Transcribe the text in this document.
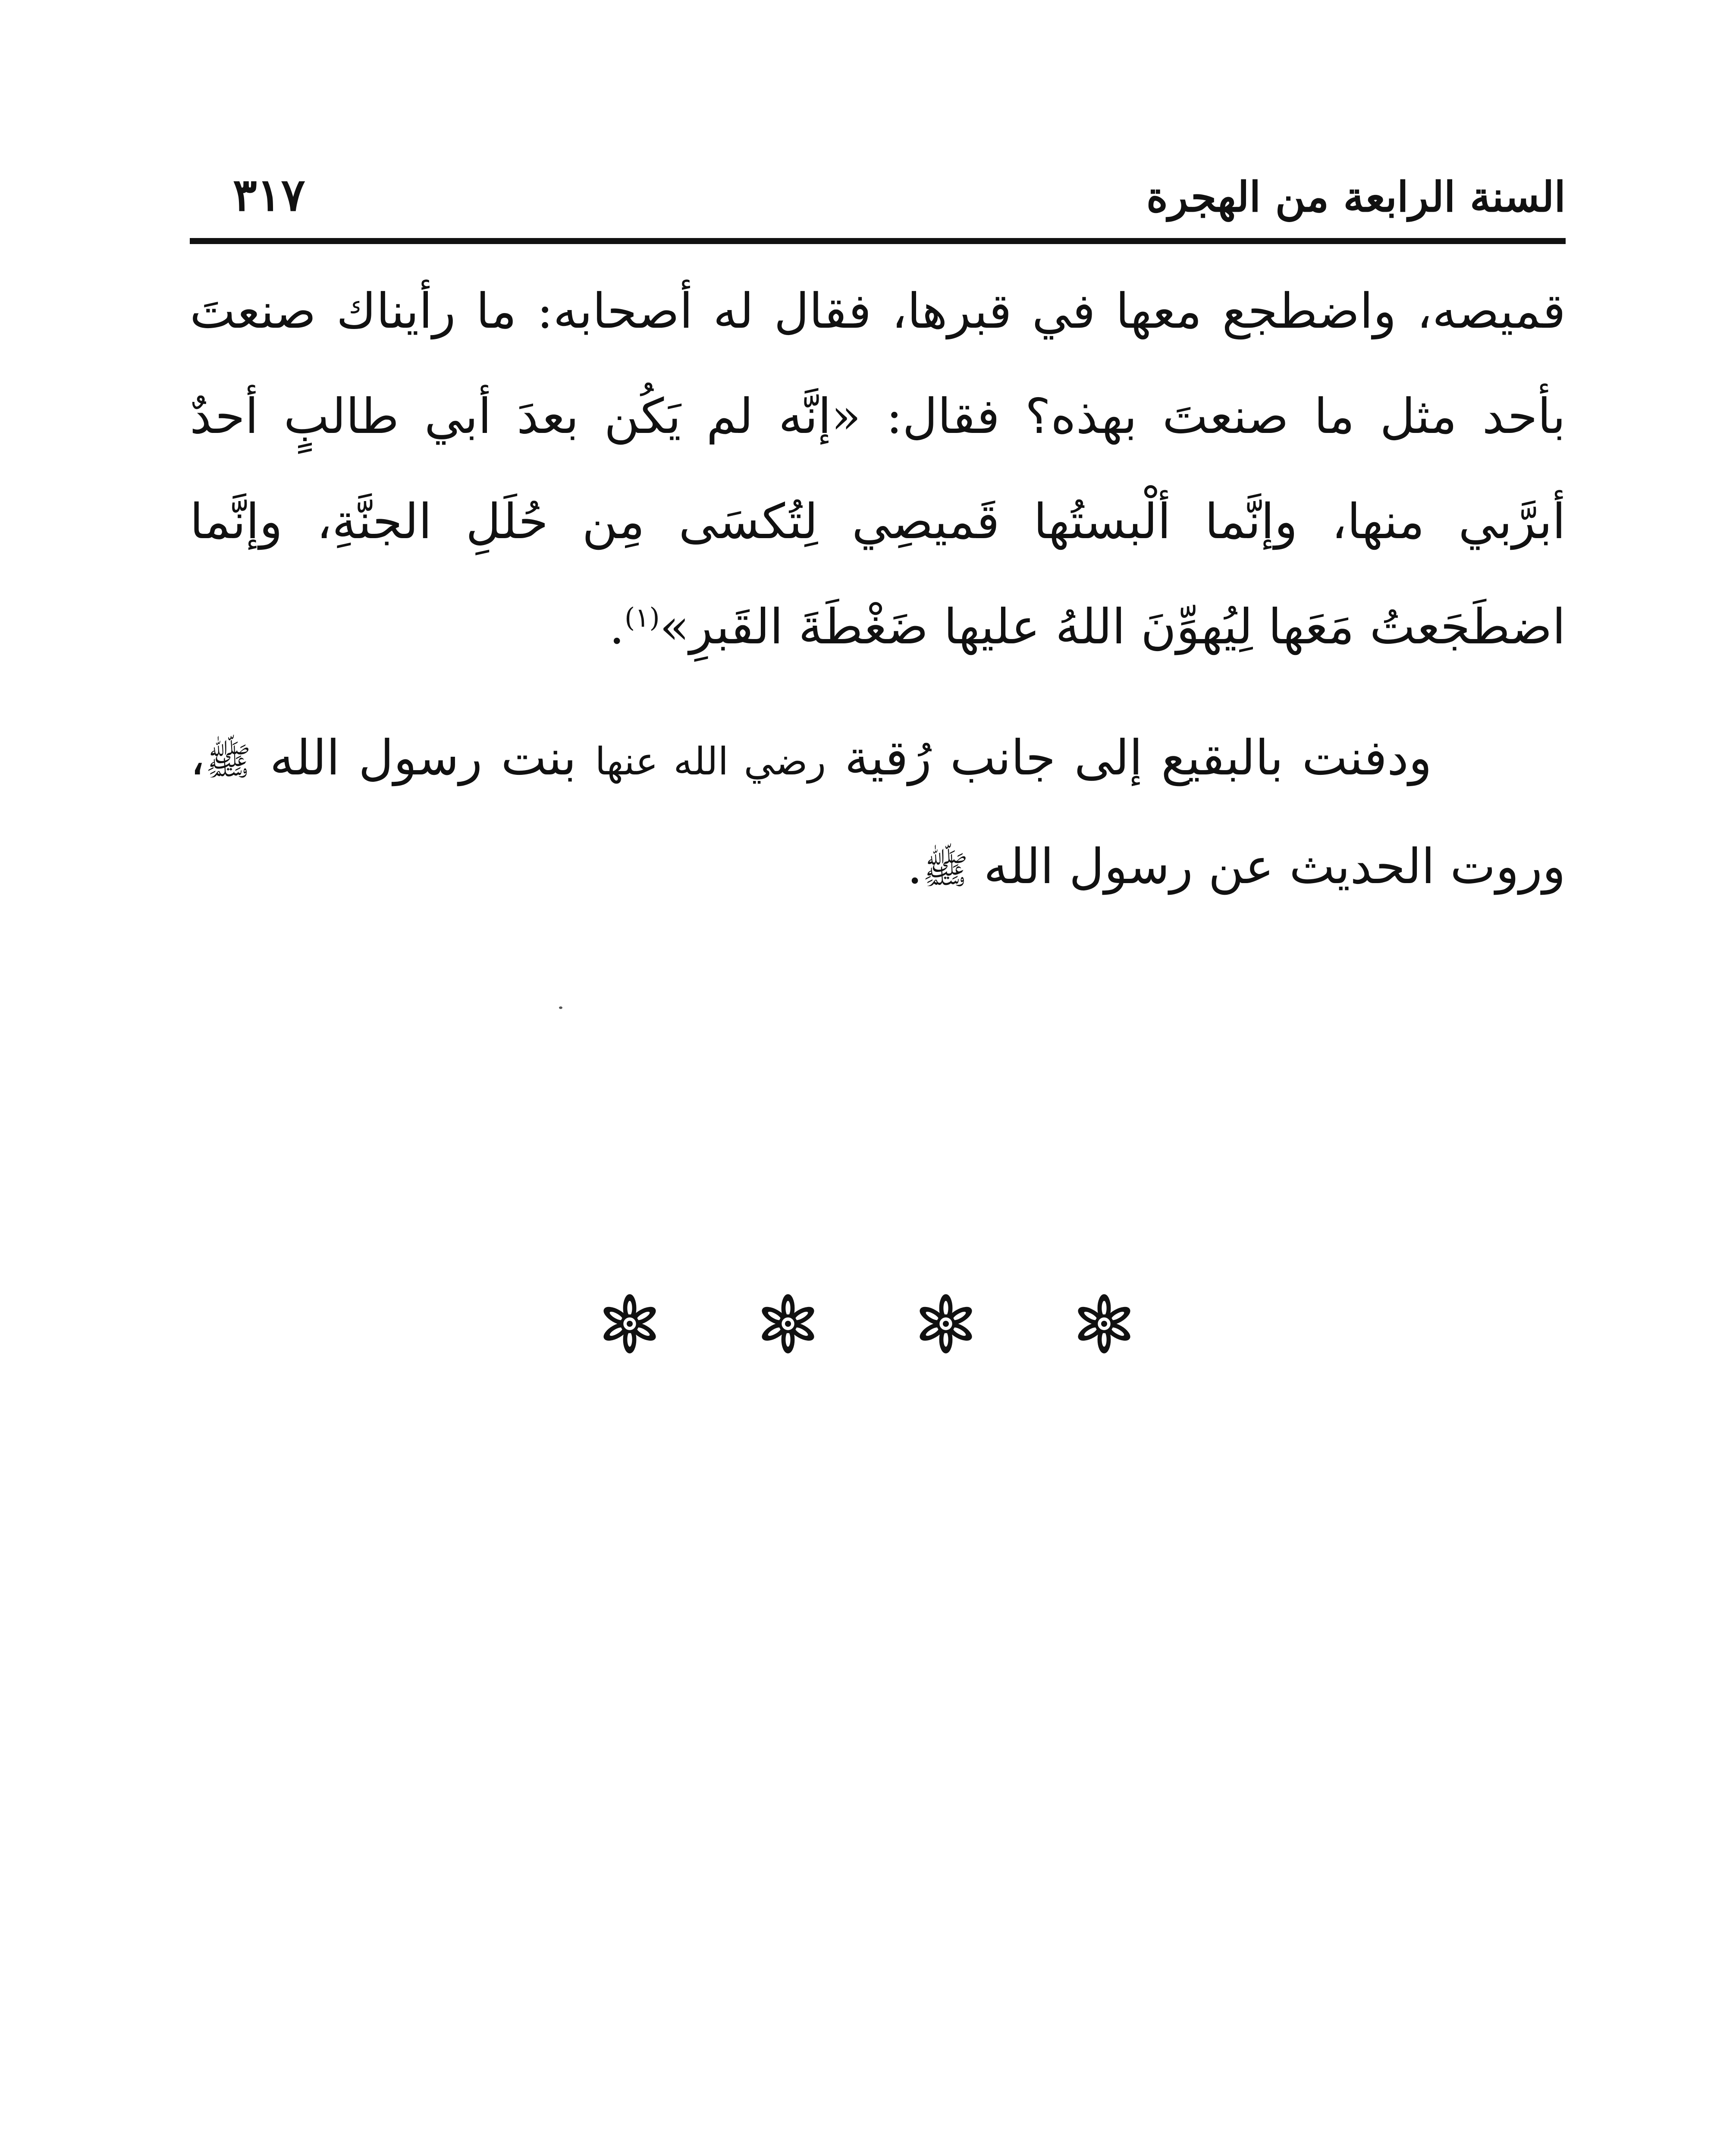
السنة الرابعة من الهجرة
٣١٧

قميصه، واضطجع معها في قبرها، فقال له أصحابه: ما رأيناك صنعتَ بأحد مثل ما صنعتَ بهذه؟ فقال: «إنَّه لم يَكُن بعدَ أبي طالبٍ أحدٌ أبرَّبي منها، وإنَّما ألْبستُها قَميصِي لِتُكسَى مِن حُلَلِ الجنَّةِ، وإنَّما اضطَجَعتُ مَعَها لِيُهوِّنَ اللهُ عليها ضَغْطَةَ القَبرِ»$^{(١)}$.

ودفنت بالبقيع إلى جانب رُقية رضي الله عنها بنت رسول الله ﷺ، وروت الحديث عن رسول الله ﷺ.
